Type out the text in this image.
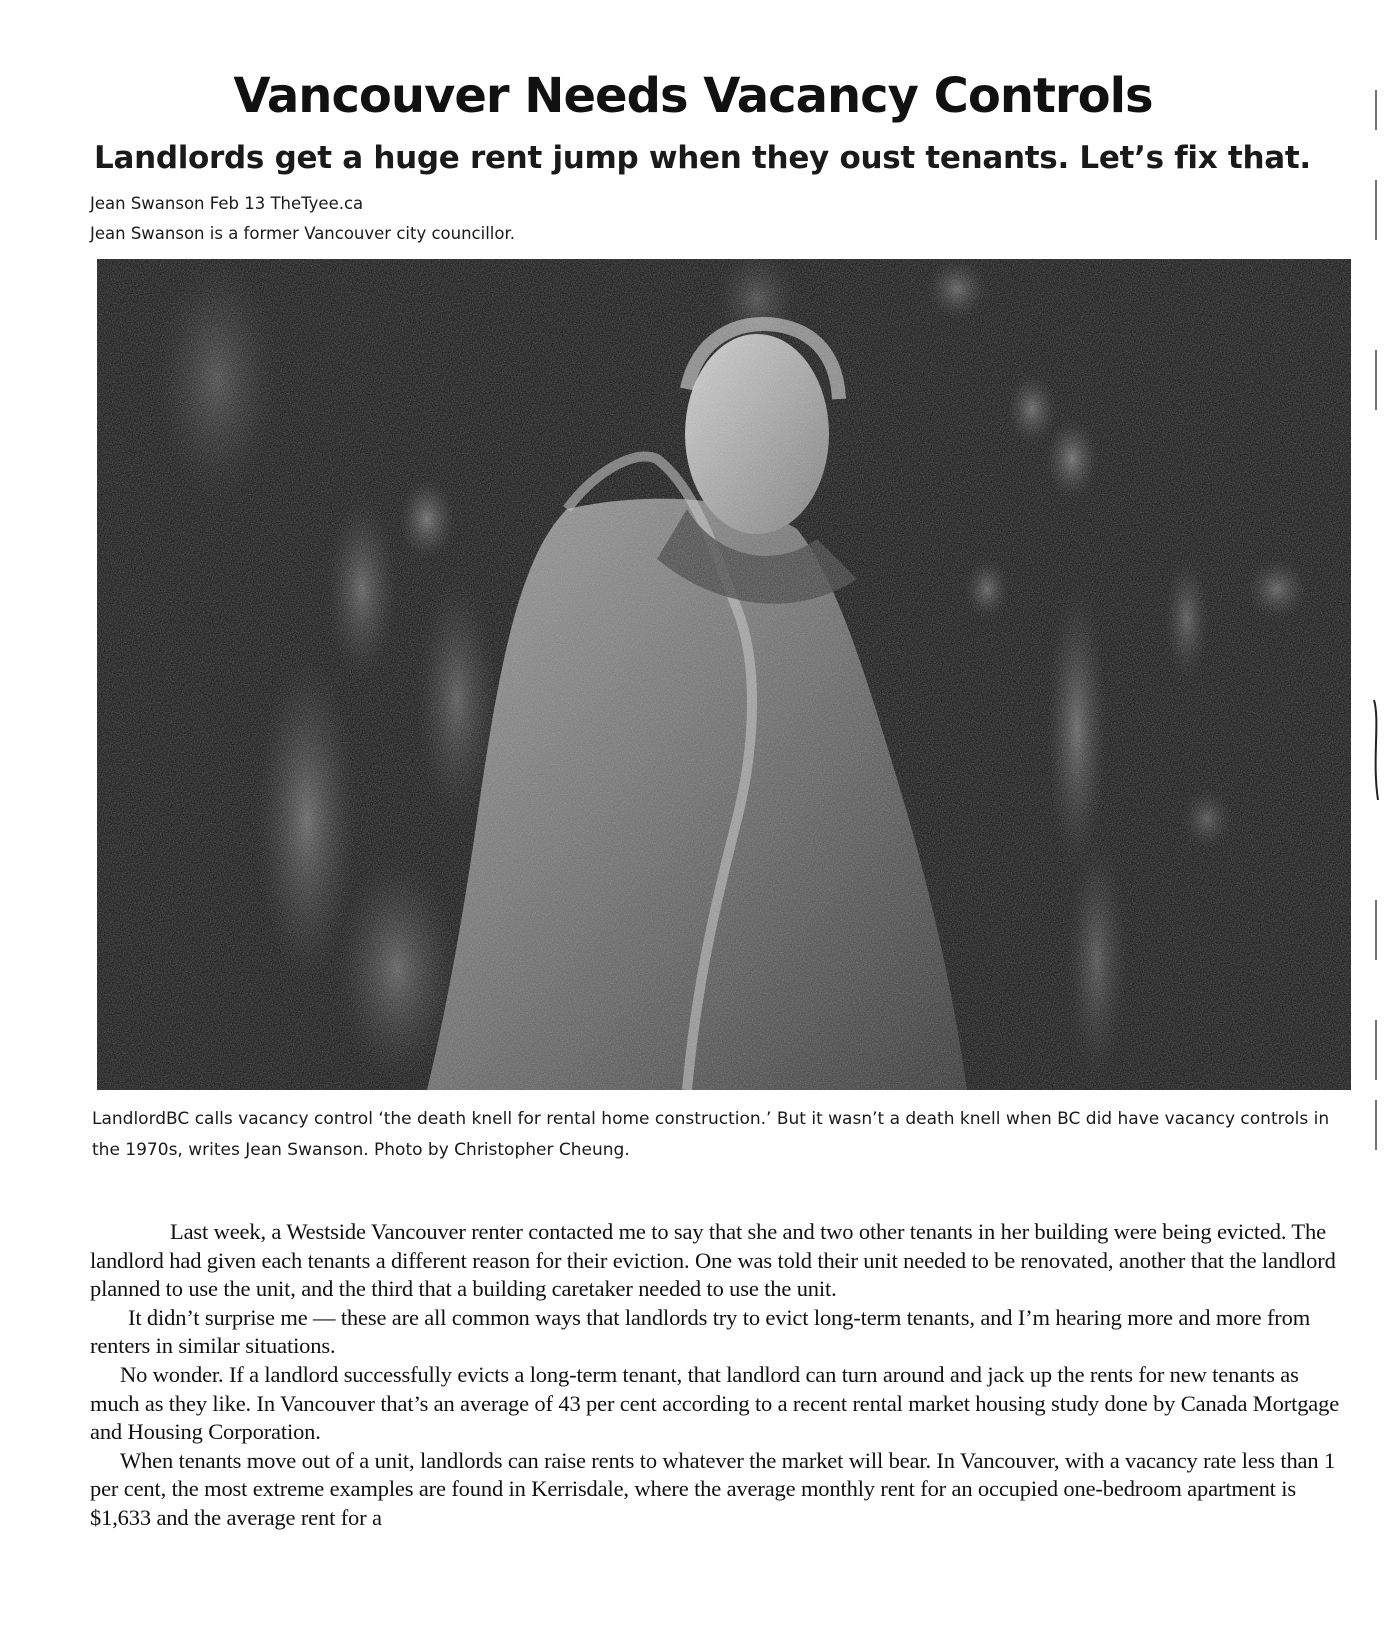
Vancouver Needs Vacancy Controls
Landlords get a huge rent jump when they oust tenants. Let’s fix that.
Jean Swanson Feb 13 TheTyee.ca
Jean Swanson is a former Vancouver city councillor.

LandlordBC calls vacancy control ‘the death knell for rental home construction.’ But it wasn’t a death knell when BC did have vacancy controls in the 1970s, writes Jean Swanson. Photo by Christopher Cheung.

Last week, a Westside Vancouver renter contacted me to say that she and two other tenants in her building were being evicted. The landlord had given each tenants a different reason for their eviction. One was told their unit needed to be renovated, another that the landlord planned to use the unit, and the third that a building caretaker needed to use the unit.

It didn’t surprise me — these are all common ways that landlords try to evict long-term tenants, and I’m hearing more and more from renters in similar situations.

No wonder. If a landlord successfully evicts a long-term tenant, that landlord can turn around and jack up the rents for new tenants as much as they like. In Vancouver that’s an average of 43 per cent according to a recent rental market housing study done by Canada Mortgage and Housing Corporation.

When tenants move out of a unit, landlords can raise rents to whatever the market will bear. In Vancouver, with a vacancy rate less than 1 per cent, the most extreme examples are found in Kerrisdale, where the average monthly rent for an occupied one-bedroom apartment is $1,633 and the average rent for a
